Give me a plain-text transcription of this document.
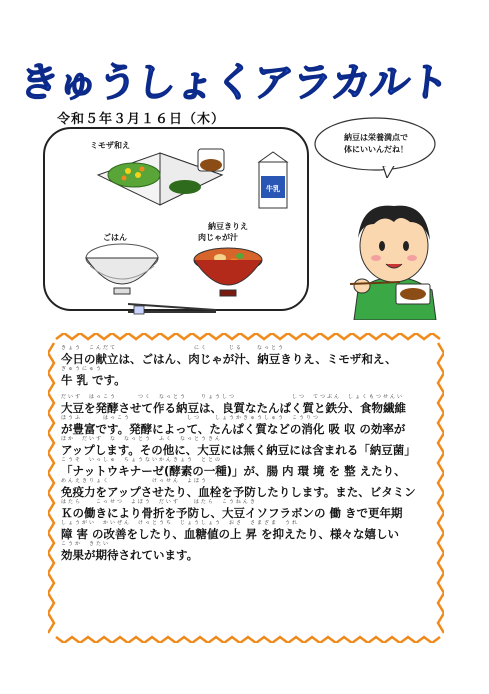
きゅうしょくアラカルト
令和５年３月１６日（木）
ミモザ和え
牛乳
ごはん
納豆きりえ
肉じゃが汁
納豆は栄養満点で
体にいいんだね！
きょう　こんだて　　　　　　　　　　　にく　　　じる　　なっとう
今日の献立は、ごはん、肉じゃが汁、納豆きりえ、ミモザ和え、
ぎゅうにゅう
牛 乳 です。
だいず　はっこう　　　つく　なっとう　　りょうしつ　　　　　　　　しつ　てつぶん　しょくもつせんい
大豆を発酵させて作る納豆は、良質なたんぱく質と鉄分、食物繊維
ほうふ　　　はっこう　　　　　　　　しつ　　しょうかきゅうしゅう　こうりつ
が豊富です。発酵によって、たんぱく質などの消化 吸 収 の効率が
ほか　だいず　な　なっとう　ふく　なっとうきん
アップします。その他に、大豆には無く納豆には含まれる「納豆菌」
こうそ　いっしゅ　ちょうないかんきょう　ととの
「ナットウキナーゼ(酵素の一種)」が、腸 内 環 境 を 整 えたり、
めんえきりょく　　　　　　けっせん　よぼう
免疫力をアップさせたり、血栓を予防したりします。また、ビタミン
はたら　　こっせつ　よぼう　だいず　　はたら　こうねんき
Ｋの働きにより骨折を予防し、大豆イソフラボンの 働 きで更年期
しょうがい　かいぜん　けっとうち　じょうしょう　おさ　さまざま　うれ
障 害 の改善をしたり、血糖値の上 昇 を抑えたり、様々な嬉しい
こうか　きたい
効果が期待されています。
